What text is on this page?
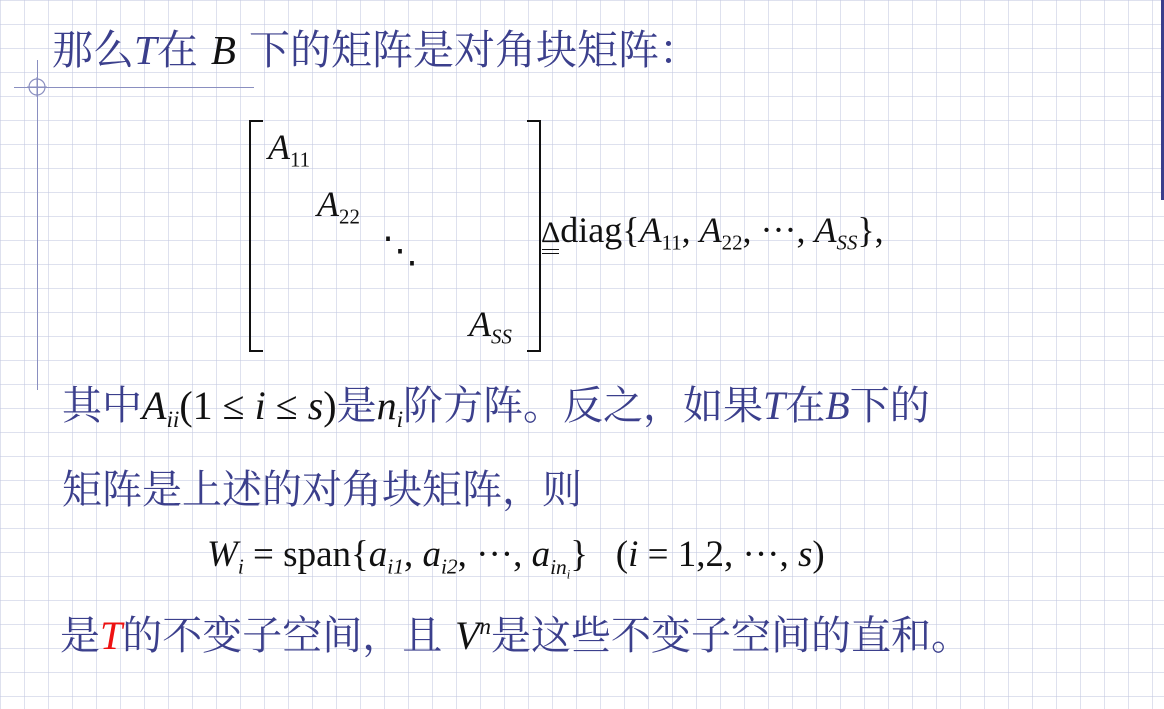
那么T在 B 下的矩阵是对角块矩阵：
$A_{11}$
$A_{22}$
⋱
$A_{SS}$
$\Delta diag\{A_{11}$, $A_{22}$, ···, $A_{SS}$},
其中$A_{ii}(1 \le i \le s)$是$n_i$阶方阵。反之，如果T在B下的
矩阵是上述的对角块矩阵，则
$W_i$ = $span\{a_{i1}$, $a_{i2}$, ···, $a_{in_i}$}   (i = 1,2, ···, s)
是T的不变子空间，且 $V^n$是这些不变子空间的直和。
